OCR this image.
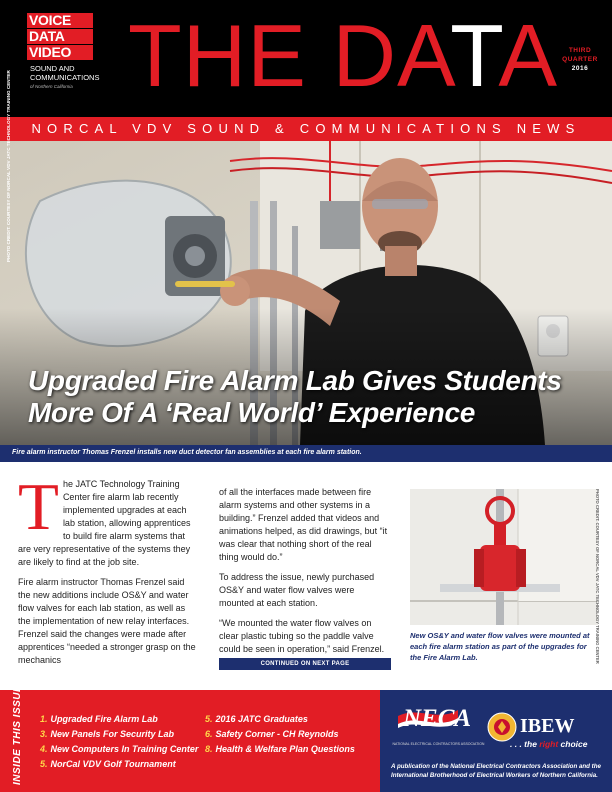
VOICE
DATA
VIDEO
SOUND AND
COMMUNICATIONS
of Northern California THE DATA	THIRD
QUARTER
2016
NORCAL VDV SOUND & COMMUNICATIONS NEWS
PHOTO CREDIT: COURTESY OF NORCAL VDV JATC TECHNOLOGY TRAINING CENTER
Upgraded Fire Alarm Lab Gives Students
More Of A ‘Real World’ Experience
Fire alarm instructor Thomas Frenzel installs new duct detector fan assemblies at each fire alarm station.

The JATC Technology Training Center fire alarm lab recently implemented upgrades at each lab station, allowing apprentices to build fire alarm systems that are very representative of the systems they are likely to find at the job site.

Fire alarm instructor Thomas Frenzel said the new additions include OS&Y and water flow valves for each lab station, as well as the implementation of new relay interfaces. Frenzel said the changes were made after apprentices “needed a stronger grasp on the mechanics

of all the interfaces made between fire alarm systems and other systems in a building.” Frenzel added that videos and animations helped, as did drawings, but “it was clear that nothing short of the real thing would do.”

To address the issue, newly purchased OS&Y and water flow valves were mounted at each station.

“We mounted the water flow valves on clear plastic tubing so the paddle valve could be seen in operation,” said Frenzel.

CONTINUED ON NEXT PAGE
PHOTO CREDIT: COURTESY OF NORCAL VDV JATC TECHNOLOGY TRAINING CENTER
New OS&Y and water flow valves were mounted at each fire alarm station as part of the upgrades for the Fire Alarm Lab.
INSIDE THIS ISSUE: 1. Upgraded Fire Alarm Lab
3. New Panels For Security Lab
4. New Computers In Training Center
5. NorCal VDV Golf Tournament
5. 2016 JATC Graduates
6. Safety Corner - CH Reynolds
8. Health & Welfare Plan Questions
NECA
NATIONAL ELECTRICAL CONTRACTORS ASSOCIATION
IBEW
. . . the right choice
A publication of the National Electrical Contractors Association and the International Brotherhood of Electrical Workers of Northern California.
